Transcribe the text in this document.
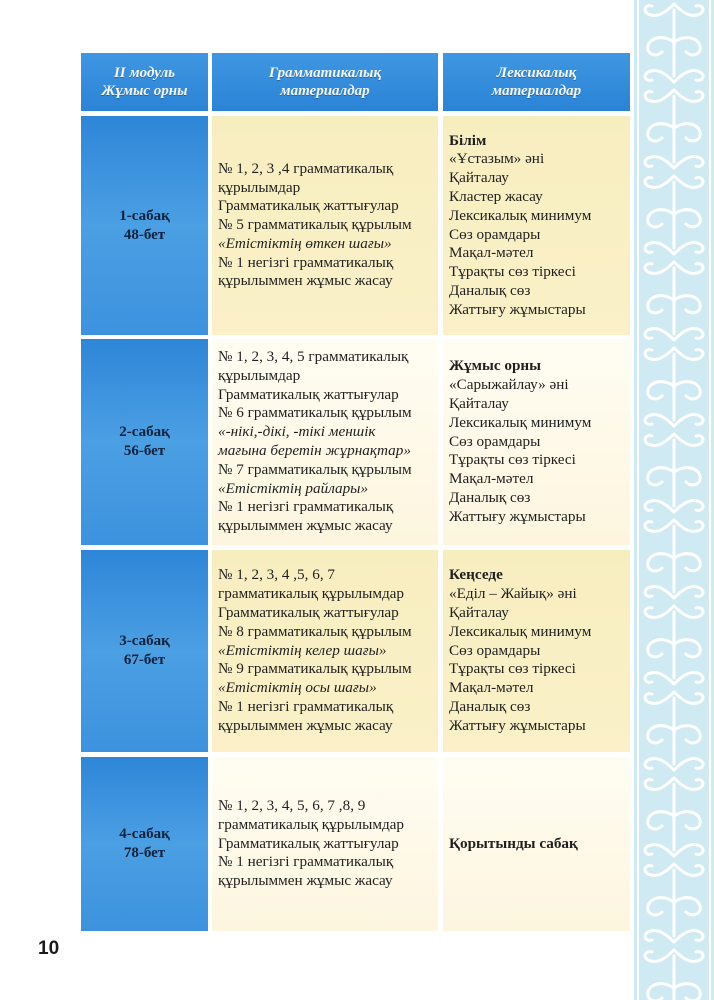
II модуль
Жұмыс орны
Грамматикалық
материалдар
Лексикалық
материалдар
1-сабақ
48-бет
№ 1, 2, 3 ,4 грамматикалық
құрылымдар
Грамматикалық жаттығулар
№ 5 грамматикалық құрылым
«Етістіктің өткен шағы»
№ 1 негізгі грамматикалық
құрылыммен жұмыс жасау
Білім
«Ұстазым» әні
Қайталау
Кластер жасау
Лексикалық минимум
Сөз орамдары
Мақал-мәтел
Тұрақты сөз тіркесі
Даналық сөз
Жаттығу жұмыстары
2-сабақ
56-бет
№ 1, 2, 3, 4, 5 грамматикалық
құрылымдар
Грамматикалық жаттығулар
№ 6 грамматикалық құрылым
«-нікі,-дікі, -тікі меншік
мағына беретін жұрнақтар»
№ 7 грамматикалық құрылым
«Етістіктің райлары»
№ 1 негізгі грамматикалық
құрылыммен жұмыс жасау
Жұмыс орны
«Сарыжайлау» әні
Қайталау
Лексикалық минимум
Сөз орамдары
Тұрақты сөз тіркесі
Мақал-мәтел
Даналық сөз
Жаттығу жұмыстары
3-сабақ
67-бет
№ 1, 2, 3, 4 ,5, 6, 7
грамматикалық құрылымдар
Грамматикалық жаттығулар
№ 8 грамматикалық құрылым
«Етістіктің келер шағы»
№ 9 грамматикалық құрылым
«Етістіктің осы шағы»
№ 1 негізгі грамматикалық
құрылыммен жұмыс жасау
Кеңседе
«Еділ – Жайық» әні
Қайталау
Лексикалық минимум
Сөз орамдары
Тұрақты сөз тіркесі
Мақал-мәтел
Даналық сөз
Жаттығу жұмыстары
4-сабақ
78-бет
№ 1, 2, 3, 4, 5, 6, 7 ,8, 9
грамматикалық құрылымдар
Грамматикалық жаттығулар
№ 1 негізгі грамматикалық
құрылыммен жұмыс жасау
Қорытынды сабақ
10
